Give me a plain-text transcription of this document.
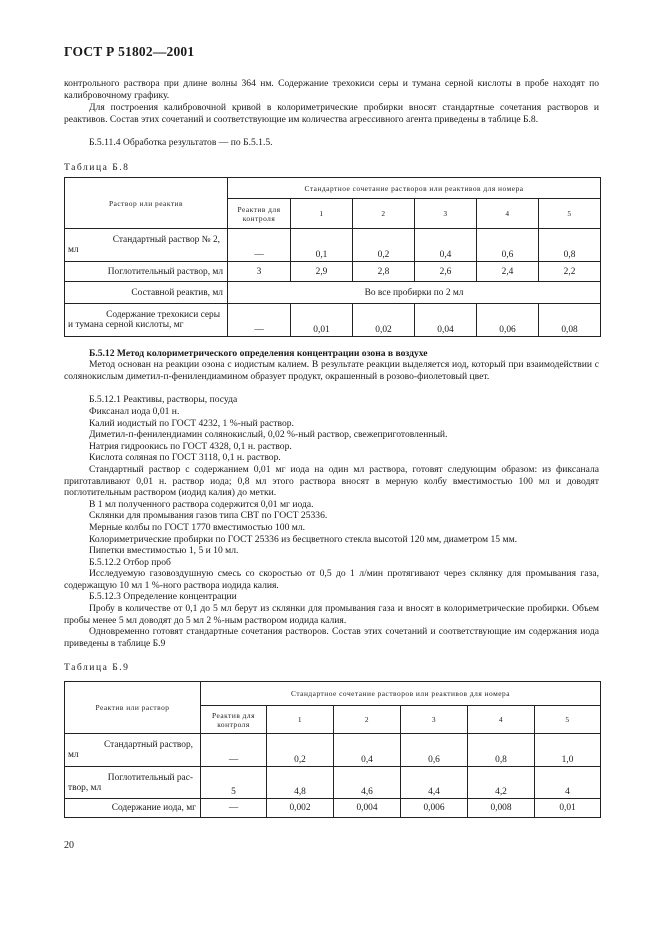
ГОСТ Р 51802—2001

контрольного раствора при длине волны 364 нм. Содержание трехокиси серы и тумана серной кислоты в пробе находят по калибровочному графику.

Для построения калибровочной кривой в колориметрические пробирки вносят стандартные сочетания растворов и реактивов. Состав этих сочетаний и соответствующие им количества агрессивного агента приведены в таблице Б.8.

Б.5.11.4 Обработка результатов — по Б.5.1.5.

Таблица Б.8
Раствор или реактив	Стандартное сочетание растворов или реактивов для номера					
	Реактив для контроля	1	2	3	4	5

Стандартный раствор № 2,
мл	—	0,1	0,2	0,4	0,6	0,8
Поглотительный раствор, мл	3	2,9	2,8	2,6	2,4	2,2
Составной реактив, мл	Во все пробирки по 2 мл					

Содержание трехокиси серы
и тумана серной кислоты, мг	—	0,01	0,02	0,04	0,06	0,08
Б.5.12 Метод колориметрического определения концентрации озона в воздухе

Метод основан на реакции озона с иодистым калием. В результате реакции выделяется иод, который при взаимодействии с солянокислым диметил-п-фенилендиамином образует продукт, окрашенный в розово-фиолетовый цвет.

Б.5.12.1 Реактивы, растворы, посуда

Фиксанал иода 0,01 н.

Калий иодистый по ГОСТ 4232, 1 %-ный раствор.

Диметил-п-фенилендиамин солянокислый, 0,02 %-ный раствор, свежеприготовленный.

Натрия гидроокись по ГОСТ 4328, 0,1 н. раствор.

Кислота соляная по ГОСТ 3118, 0,1 н. раствор.

Стандартный раствор с содержанием 0,01 мг иода на один мл раствора, готовят следующим образом: из фиксанала приготавливают 0,01 н. раствор иода; 0,8 мл этого раствора вносят в мерную колбу вместимостью 100 мл и доводят поглотительным раствором (иодид калия) до метки.

В 1 мл полученного раствора содержится 0,01 мг иода.

Склянки для промывания газов типа СВТ по ГОСТ 25336.

Мерные колбы по ГОСТ 1770 вместимостью 100 мл.

Колориметрические пробирки по ГОСТ 25336 из бесцветного стекла высотой 120 мм, диаметром 15 мм.

Пипетки вместимостью 1, 5 и 10 мл.

Б.5.12.2 Отбор проб

Исследуемую газовоздушную смесь со скоростью от 0,5 до 1 л/мин протягивают через склянку для промывания газа, содержащую 10 мл 1 %-ного раствора иодида калия.

Б.5.12.3 Определение концентрации

Пробу в количестве от 0,1 до 5 мл берут из склянки для промывания газа и вносят в колориметрические пробирки. Объем пробы менее 5 мл доводят до 5 мл 2 %-ным раствором иодида калия.

Одновременно готовят стандартные сочетания растворов. Состав этих сочетаний и соответствующие им содержания иода приведены в таблице Б.9

Таблица Б.9
Реактив или раствор	Стандартное сочетание растворов или реактивов для номера					
	Реактив для контроля	1	2	3	4	5

Стандартный раствор,
мл	—	0,2	0,4	0,6	0,8	1,0

Поглотительный рас-
твор, мл	5	4,8	4,6	4,4	4,2	4
Содержание иода, мг	—	0,002	0,004	0,006	0,008	0,01
20
